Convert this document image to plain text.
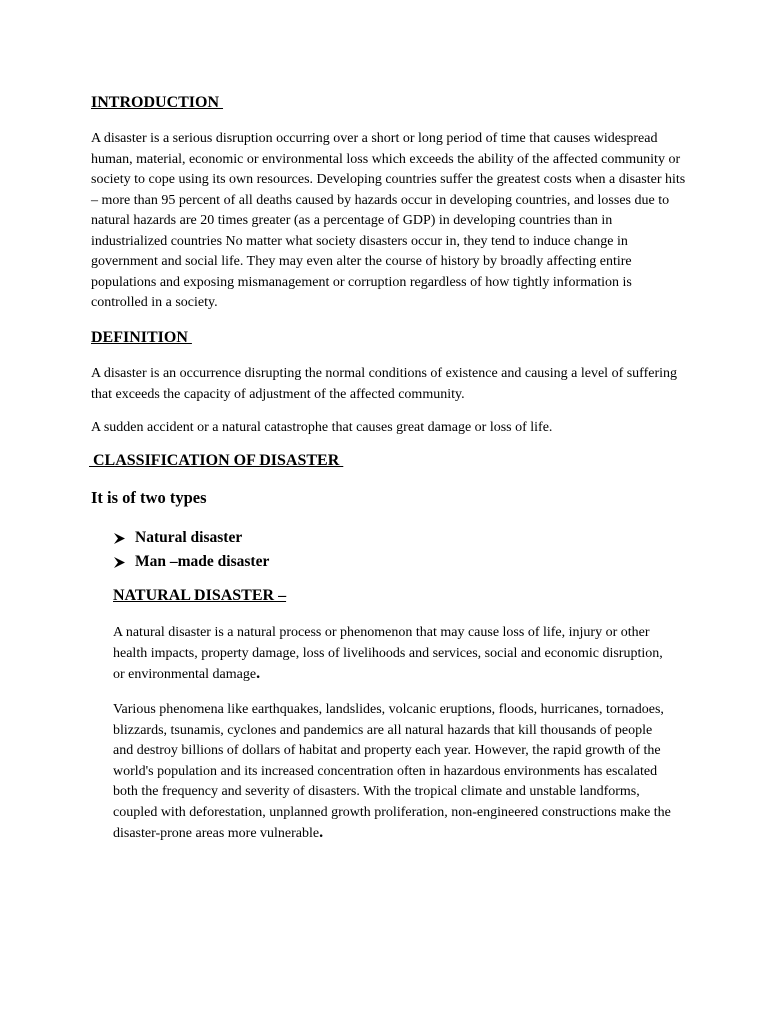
INTRODUCTION

A disaster is a serious disruption occurring over a short or long period of time that causes widespread human, material, economic or environmental loss which exceeds the ability of the affected community or society to cope using its own resources. Developing countries suffer the greatest costs when a disaster hits – more than 95 percent of all deaths caused by hazards occur in developing countries, and losses due to natural hazards are 20 times greater (as a percentage of GDP) in developing countries than in industrialized countries No matter what society disasters occur in, they tend to induce change in government and social life. They may even alter the course of history by broadly affecting entire populations and exposing mismanagement or corruption regardless of how tightly information is controlled in a society.

DEFINITION

A disaster is an occurrence disrupting the normal conditions of existence and causing a level of suffering that exceeds the capacity of adjustment of the affected community.

A sudden accident or a natural catastrophe that causes great damage or loss of life.

CLASSIFICATION OF DISASTER

It is of two types

Natural disaster
Man –made disaster
NATURAL DISASTER –

A natural disaster is a natural process or phenomenon that may cause loss of life, injury or other health impacts, property damage, loss of livelihoods and services, social and economic disruption, or environmental damage.

Various phenomena like earthquakes, landslides, volcanic eruptions, floods, hurricanes, tornadoes, blizzards, tsunamis, cyclones and pandemics are all natural hazards that kill thousands of people and destroy billions of dollars of habitat and property each year. However, the rapid growth of the world's population and its increased concentration often in hazardous environments has escalated both the frequency and severity of disasters. With the tropical climate and unstable landforms, coupled with deforestation, unplanned growth proliferation, non-engineered constructions make the disaster-prone areas more vulnerable.
